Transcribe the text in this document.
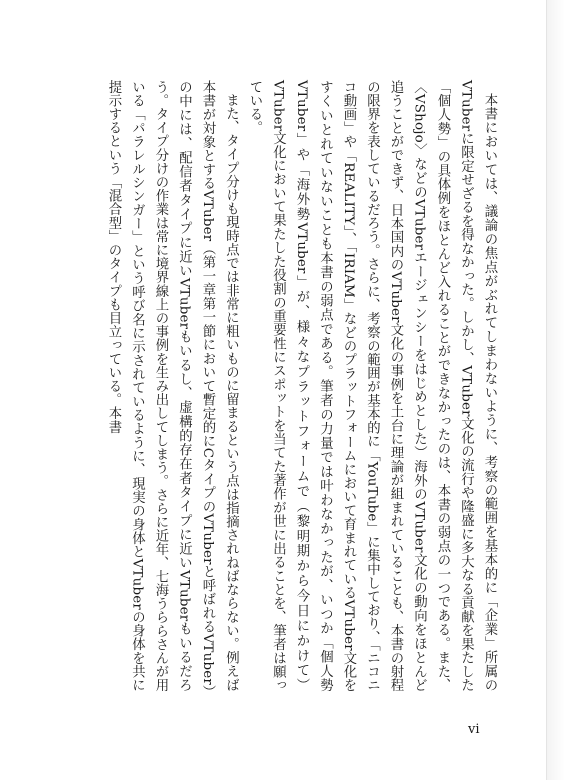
本書においては、議論の焦点がぶれてしまわないように、考察の範囲を基本的に「企業」所属のVTuberに限定せざるを得なかった。しかし、VTuber文化の流行や隆盛に多大なる貢献を果たした「個人勢」の具体例をほとんど入れることができなかったのは、本書の弱点の一つである。また、〈VShojo〉などのVTuberエージェンシーをはじめとした）海外のVTuber文化の動向をほとんど追うことができず、日本国内のVTuber文化の事例を土台に理論が組まれていることも、本書の射程の限界を表しているだろう。さらに、考察の範囲が基本的に「YouTube」に集中しており、「ニコニコ動画」や「REALITY」、「IRIAM」などのプラットフォームにおいて育まれているVTuber文化をすくいとれていないことも本書の弱点である。筆者の力量では叶わなかったが、いつか「個人勢VTuber」や「海外勢VTuber」が、様々なプラットフォームで（黎明期から今日にかけて）VTuber文化において果たした役割の重要性にスポットを当てた著作が世に出ることを、筆者は願っている。

また、タイプ分けも現時点では非常に粗いものに留まるという点は指摘されねばならない。例えば本書が対象とするVTuber（第一章第一節において暫定的にCタイプのVTuberと呼ばれるVTuber）の中には、配信者タイプに近いVTuberもいるし、虚構的存在者タイプに近いVTuberもいるだろう。タイプ分けの作業は常に境界線上の事例を生み出してしまう。さらに近年、七海うららさんが用いる「パラレルシンガー」という呼び名に示されているように、現実の身体とVTuberの身体を共に提示するという「混合型」のタイプも目立っている。本書

vi
